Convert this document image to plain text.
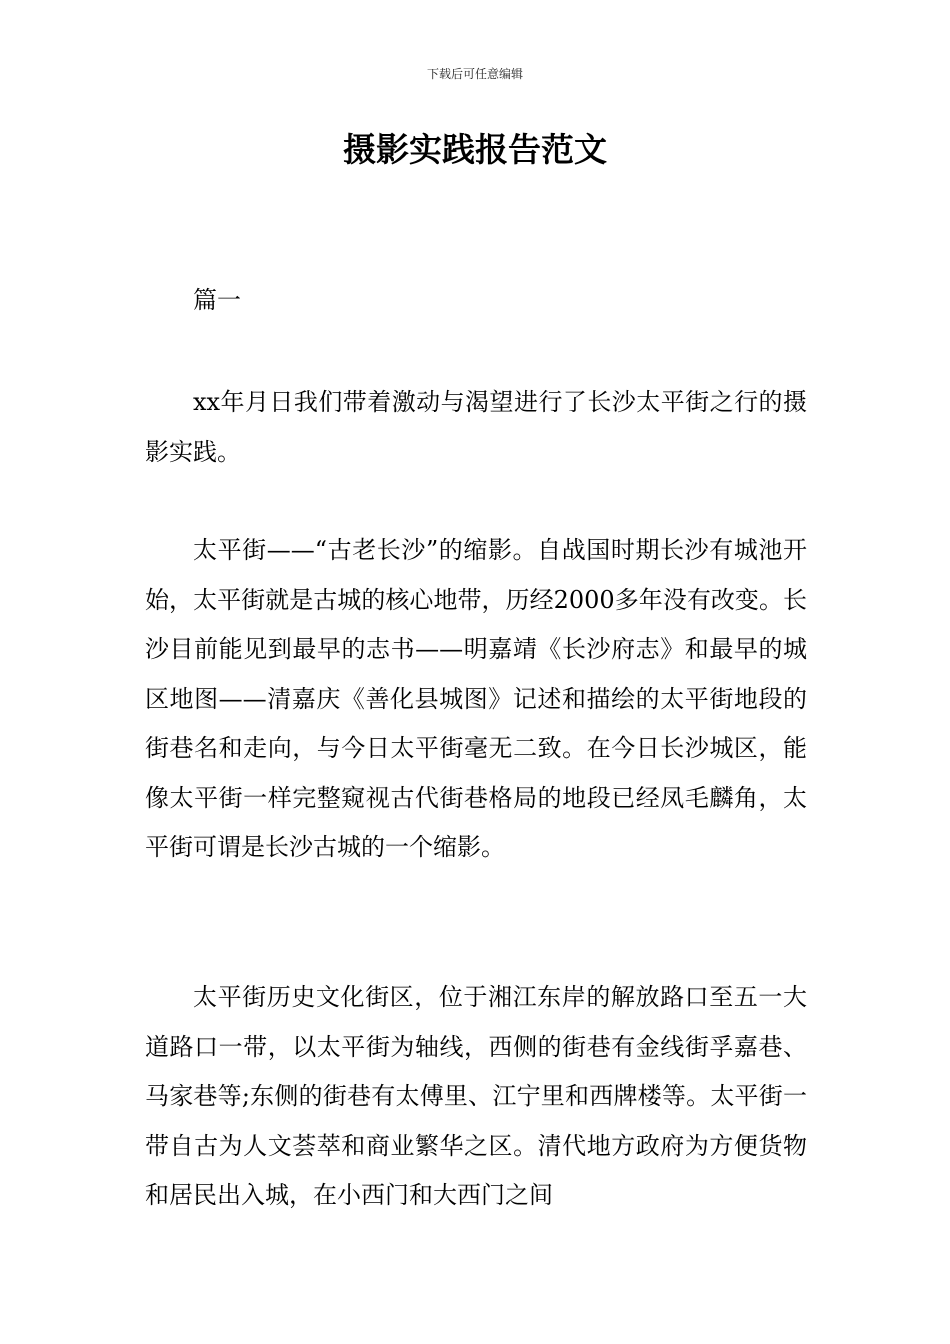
下载后可任意编辑
摄影实践报告范文

篇一

xx年月日我们带着激动与渴望进行了长沙太平街之行的摄影实践。

太平街——“古老长沙”的缩影。自战国时期长沙有城池开始，太平街就是古城的核心地带，历经2000多年没有改变。长沙目前能见到最早的志书——明嘉靖《长沙府志》和最早的城区地图——清嘉庆《善化县城图》记述和描绘的太平街地段的街巷名和走向，与今日太平街毫无二致。在今日长沙城区，能像太平街一样完整窥视古代街巷格局的地段已经凤毛麟角，太平街可谓是长沙古城的一个缩影。

太平街历史文化街区，位于湘江东岸的解放路口至五一大道路口一带，以太平街为轴线，西侧的街巷有金线街孚嘉巷、马家巷等;东侧的街巷有太傅里、江宁里和西牌楼等。太平街一带自古为人文荟萃和商业繁华之区。清代地方政府为方便货物和居民出入城，在小西门和大西门之间
